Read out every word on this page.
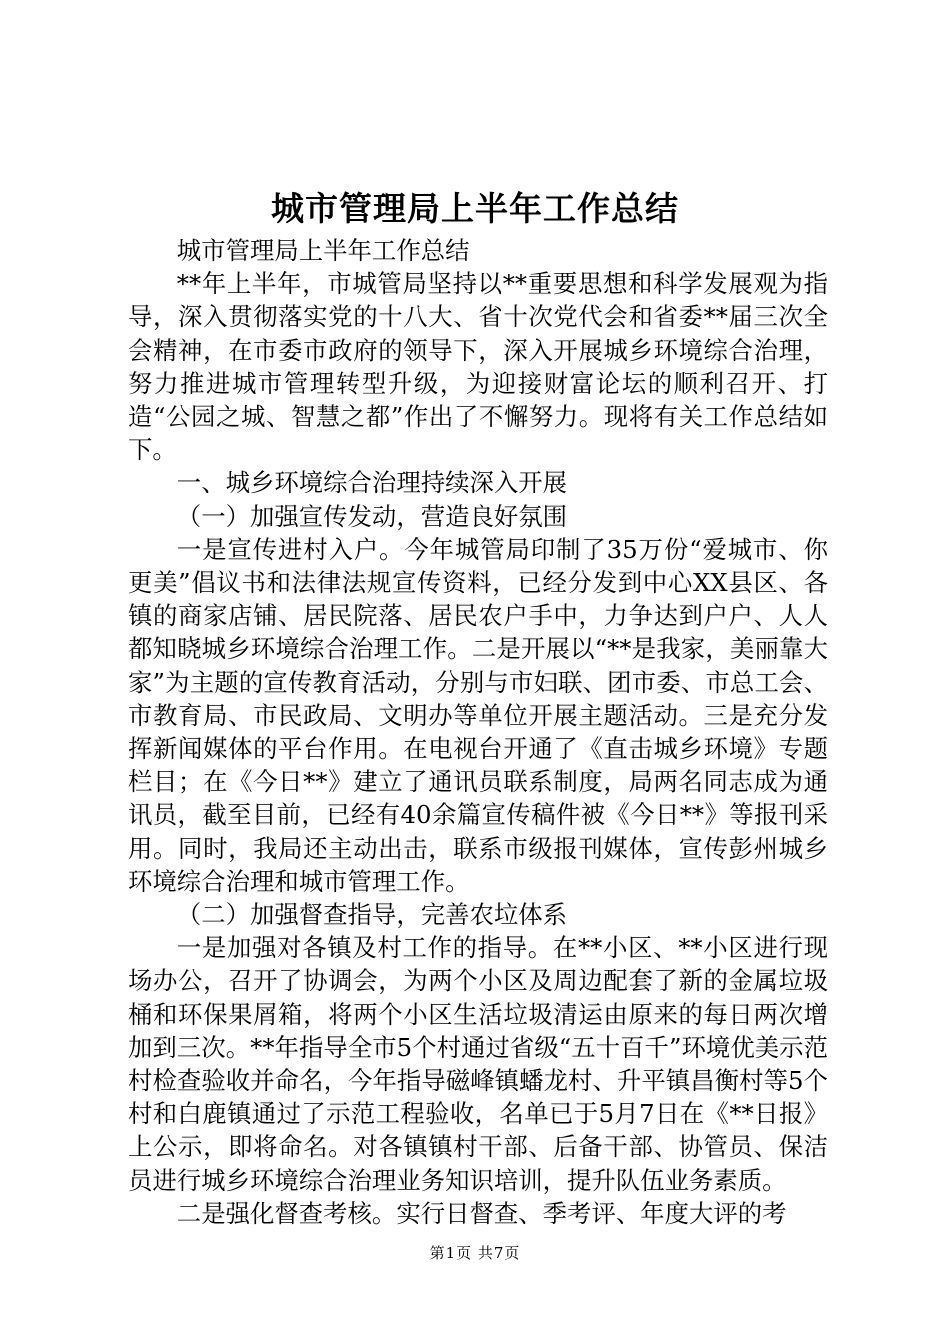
城市管理局上半年工作总结

城市管理局上半年工作总结

**年上半年，市城管局坚持以**重要思想和科学发展观为指导，深入贯彻落实党的十八大、省十次党代会和省委**届三次全会精神，在市委市政府的领导下，深入开展城乡环境综合治理，努力推进城市管理转型升级，为迎接财富论坛的顺利召开、打造“公园之城、智慧之都”作出了不懈努力。现将有关工作总结如下。

一、城乡环境综合治理持续深入开展

（一）加强宣传发动，营造良好氛围

一是宣传进村入户。今年城管局印制了35万份“爱城市、你更美”倡议书和法律法规宣传资料，已经分发到中心XX县区、各镇的商家店铺、居民院落、居民农户手中，力争达到户户、人人都知晓城乡环境综合治理工作。二是开展以“**是我家，美丽靠大家”为主题的宣传教育活动，分别与市妇联、团市委、市总工会、市教育局、市民政局、文明办等单位开展主题活动。三是充分发挥新闻媒体的平台作用。在电视台开通了《直击城乡环境》专题栏目；在《今日**》建立了通讯员联系制度，局两名同志成为通讯员，截至目前，已经有40余篇宣传稿件被《今日**》等报刊采用。同时，我局还主动出击，联系市级报刊媒体，宣传彭州城乡环境综合治理和城市管理工作。

（二）加强督查指导，完善农垃体系

一是加强对各镇及村工作的指导。在**小区、**小区进行现场办公，召开了协调会，为两个小区及周边配套了新的金属垃圾桶和环保果屑箱，将两个小区生活垃圾清运由原来的每日两次增加到三次。**年指导全市5个村通过省级“五十百千”环境优美示范村检查验收并命名，今年指导磁峰镇蟠龙村、升平镇昌衡村等5个村和白鹿镇通过了示范工程验收，名单已于5月7日在《**日报》上公示，即将命名。对各镇镇村干部、后备干部、协管员、保洁员进行城乡环境综合治理业务知识培训，提升队伍业务素质。

二是强化督查考核。实行日督查、季考评、年度大评的考

第1页 共7页
